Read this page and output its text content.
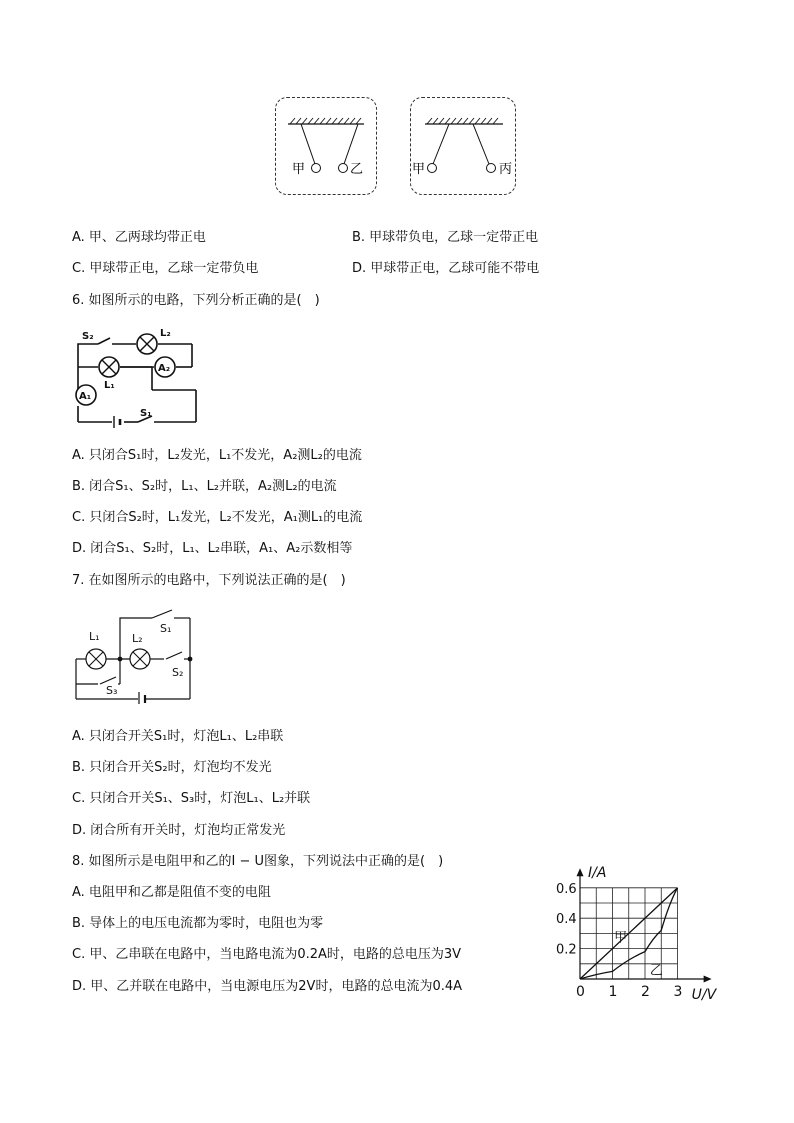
甲	乙	甲	丙
A. 甲、乙两球均带正电	B. 甲球带负电，乙球一定带正电
C. 甲球带正电，乙球一定带负电	D. 甲球带正电，乙球可能不带电
6. 如图所示的电路，下列分析正确的是(　)
S₂	L₂
L₁
A₂
A₁
S₁
A. 只闭合S₁时，L₂发光，L₁不发光，A₂测L₂的电流
B. 闭合S₁、S₂时，L₁、L₂并联，A₂测L₂的电流
C. 只闭合S₂时，L₁发光，L₂不发光，A₁测L₁的电流
D. 闭合S₁、S₂时，L₁、L₂串联，A₁、A₂示数相等
7. 在如图所示的电路中，下列说法正确的是(　)
L₁	L₂
S₁
S₂
S₃
A. 只闭合开关S₁时，灯泡L₁、L₂串联
B. 只闭合开关S₂时，灯泡均不发光
C. 只闭合开关S₁、S₃时，灯泡L₁、L₂并联
D. 闭合所有开关时，灯泡均正常发光
8. 如图所示是电阻甲和乙的I − U图象，下列说法中正确的是(　)
A. 电阻甲和乙都是阻值不变的电阻
B. 导体上的电压电流都为零时，电阻也为零
C. 甲、乙串联在电路中，当电路电流为0.2A时，电路的总电压为3V
D. 甲、乙并联在电路中，当电源电压为2V时，电路的总电流为0.4A	0 1 2 3
0.2
0.4
0.6
I/A
U/V
甲
乙
